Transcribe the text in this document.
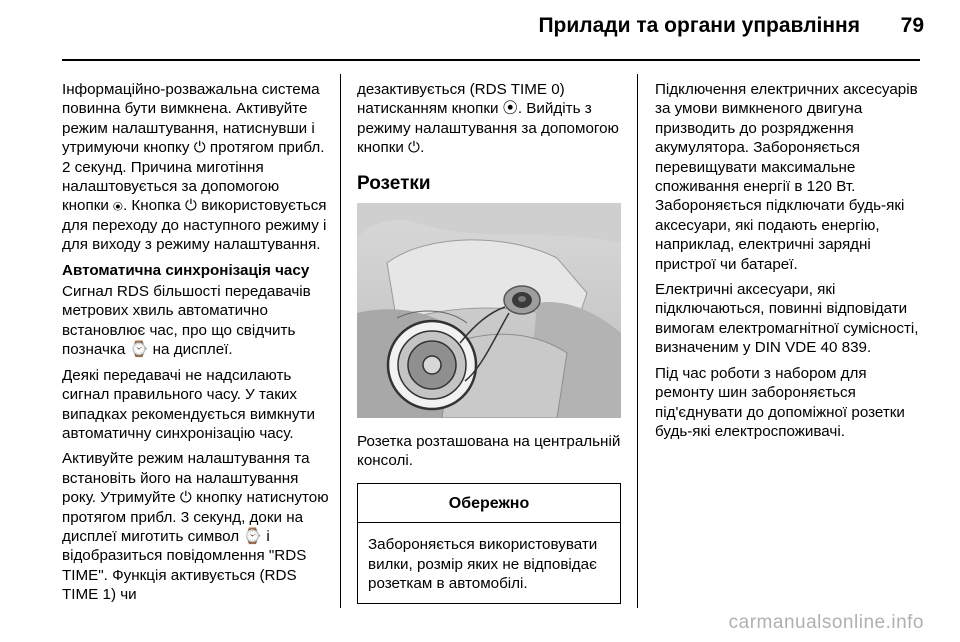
Прилади та органи управління 79

Інформаційно-розважальна система повинна бути вимкнена. Активуйте режим налаштування, натиснувши і утримуючи кнопку ⏻ протягом прибл. 2 секунд. Причина миготіння налаштовується за допомогою кнопки ⦿. Кнопка ⏻ використовується для переходу до наступного режиму і для виходу з режиму налаштування.

Автоматична синхронізація часу

Сигнал RDS більшості передавачів метрових хвиль автоматично встановлює час, про що свідчить позначка ⌚ на дисплеї.

Деякі передавачі не надсилають сигнал правильного часу. У таких випадках рекомендується вимкнути автоматичну синхронізацію часу.

Активуйте режим налаштування та встановіть його на налаштування року. Утримуйте ⏻ кнопку натиснутою протягом прибл. 3 секунд, доки на дисплеї миготить символ ⌚ і відобразиться повідомлення "RDS TIME". Функція активується (RDS TIME 1) чи

дезактивується (RDS TIME 0) натисканням кнопки ⦿. Вийдіть з режиму налаштування за допомогою кнопки ⏻.

Розетки

Розетка розташована на центральній консолі.

Обережно
Забороняється використовувати вилки, розмір яких не відповідає розеткам в автомобілі.

Підключення електричних аксесуарів за умови вимкненого двигуна призводить до розрядження акумулятора. Забороняється перевищувати максимальне споживання енергії в 120 Вт. Забороняється підключати будь-які аксесуари, які подають енергію, наприклад, електричні зарядні пристрої чи батареї.

Електричні аксесуари, які підключаються, повинні відповідати вимогам електромагнітної сумісності, визначеним у DIN VDE 40 839.

Під час роботи з набором для ремонту шин забороняється під'єднувати до допоміжної розетки будь-які електроспоживачі.

carmanualsonline.info
